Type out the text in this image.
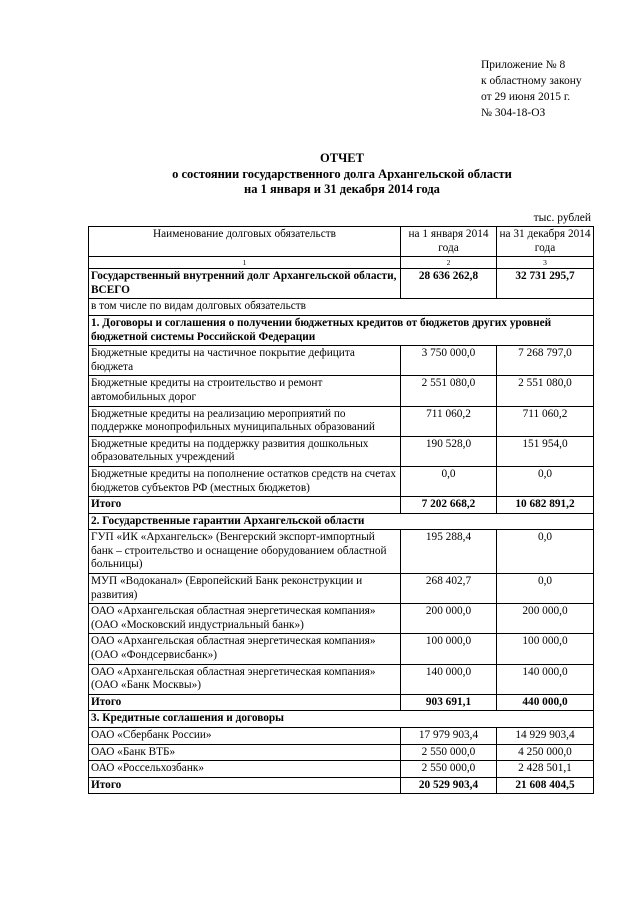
Приложение № 8
к областному закону
от 29 июня 2015 г.
№ 304-18-ОЗ
ОТЧЕТ
о состоянии государственного долга Архангельской области
на 1 января и 31 декабря 2014 года
тыс. рублей
Наименование долговых обязательств	на 1 января 2014 года	на 31 декабря 2014 года
1	2	3
Государственный внутренний долг Архангельской области, ВСЕГО	28 636 262,8	32 731 295,7
в том числе по видам долговых обязательств		
1. Договоры и соглашения о получении бюджетных кредитов от бюджетов других уровней бюджетной системы Российской Федерации		
Бюджетные кредиты на частичное покрытие дефицита бюджета	3 750 000,0	7 268 797,0
Бюджетные кредиты на строительство и ремонт автомобильных дорог	2 551 080,0	2 551 080,0
Бюджетные кредиты на реализацию мероприятий по поддержке монопрофильных муниципальных образований	711 060,2	711 060,2
Бюджетные кредиты на поддержку развития дошкольных образовательных учреждений	190 528,0	151 954,0
Бюджетные кредиты на пополнение остатков средств на счетах бюджетов субъектов РФ (местных бюджетов)	0,0	0,0
Итого	7 202 668,2	10 682 891,2
2. Государственные гарантии Архангельской области		
ГУП «ИК «Архангельск» (Венгерский экспорт-импортный банк – строительство и оснащение оборудованием областной больницы)	195 288,4	0,0
МУП «Водоканал» (Европейский Банк реконструкции и развития)	268 402,7	0,0
ОАО «Архангельская областная энергетическая компания» (ОАО «Московский индустриальный банк»)	200 000,0	200 000,0
ОАО «Архангельская областная энергетическая компания» (ОАО «Фондсервисбанк»)	100 000,0	100 000,0
ОАО «Архангельская областная энергетическая компания» (ОАО «Банк Москвы»)	140 000,0	140 000,0
Итого	903 691,1	440 000,0
3. Кредитные соглашения и договоры		
ОАО «Сбербанк России»	17 979 903,4	14 929 903,4
ОАО «Банк ВТБ»	2 550 000,0	4 250 000,0
ОАО «Россельхозбанк»	2 550 000,0	2 428 501,1
Итого	20 529 903,4	21 608 404,5
